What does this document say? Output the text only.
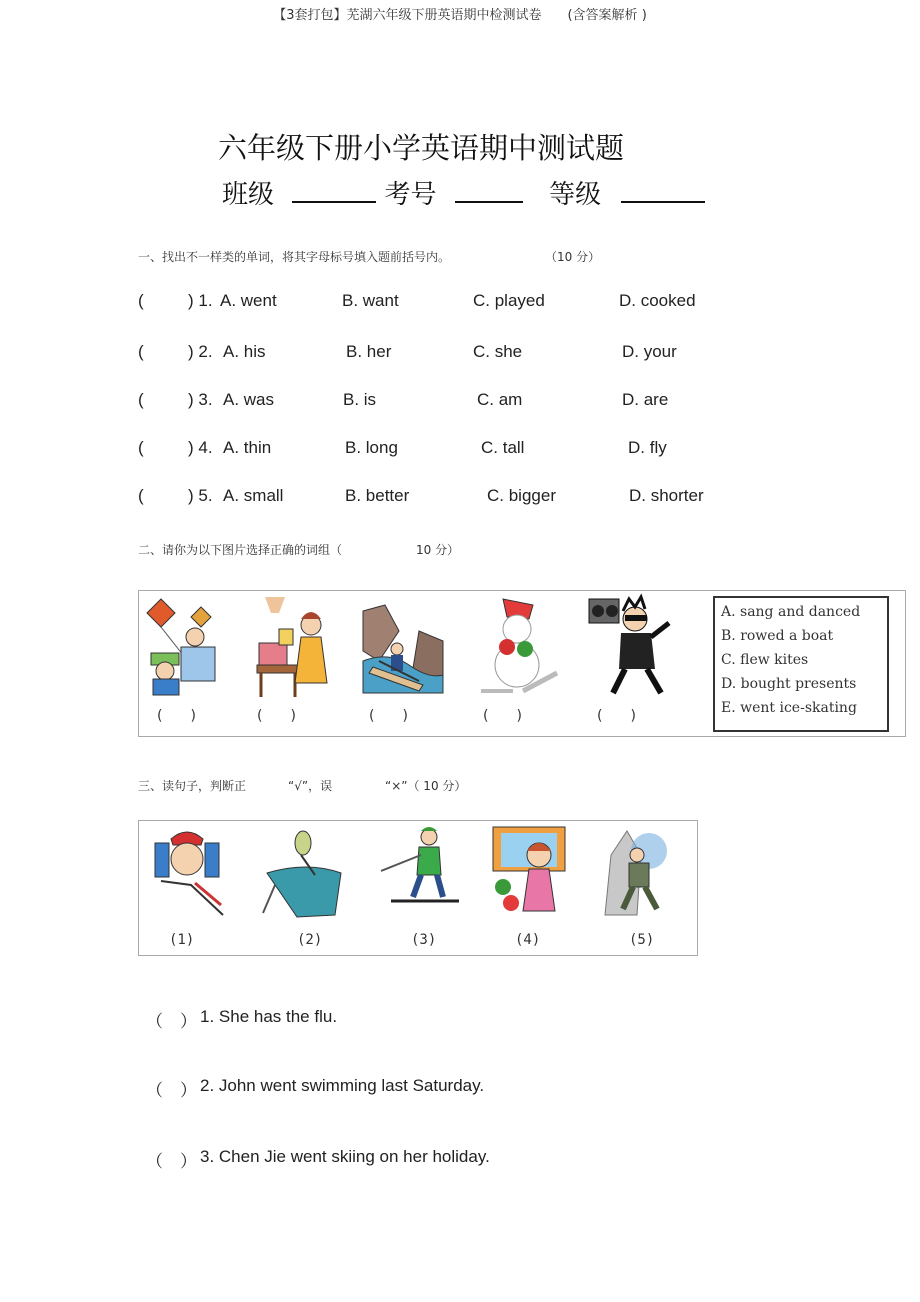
【3套打包】芜湖六年级下册英语期中检测试卷　　(含答案解析 )
六年级下册小学英语期中测试题
班级	考号	等级
一、找出不一样类的单词，将其字母标号填入题前括号内。	（10 分）
(	) 1. A. went	B. want	C. played	D. cooked
(	) 2. A. his	B. her	C. she	D. your
(	) 3. A. was	B. is	C. am	D. are
(	) 4. A. thin	B. long	C. tall	D. fly
(	) 5. A. small	B. better	C. bigger	D. shorter
二、请你为以下图片选择正确的词组（	10 分）
(　　)	(　　)	(　　)	(　　)	(　　)
A. sang and danced
B. rowed a boat
C. flew kites
D. bought presents
E. went ice-skating
三、读句子，判断正	“√”，误	“×”（ 10 分）
(1)	(2)	(3)	(4)	(5)
（　） 1. She has the flu.
（　） 2. John went swimming last Saturday.
（　） 3. Chen Jie went skiing on her holiday.
